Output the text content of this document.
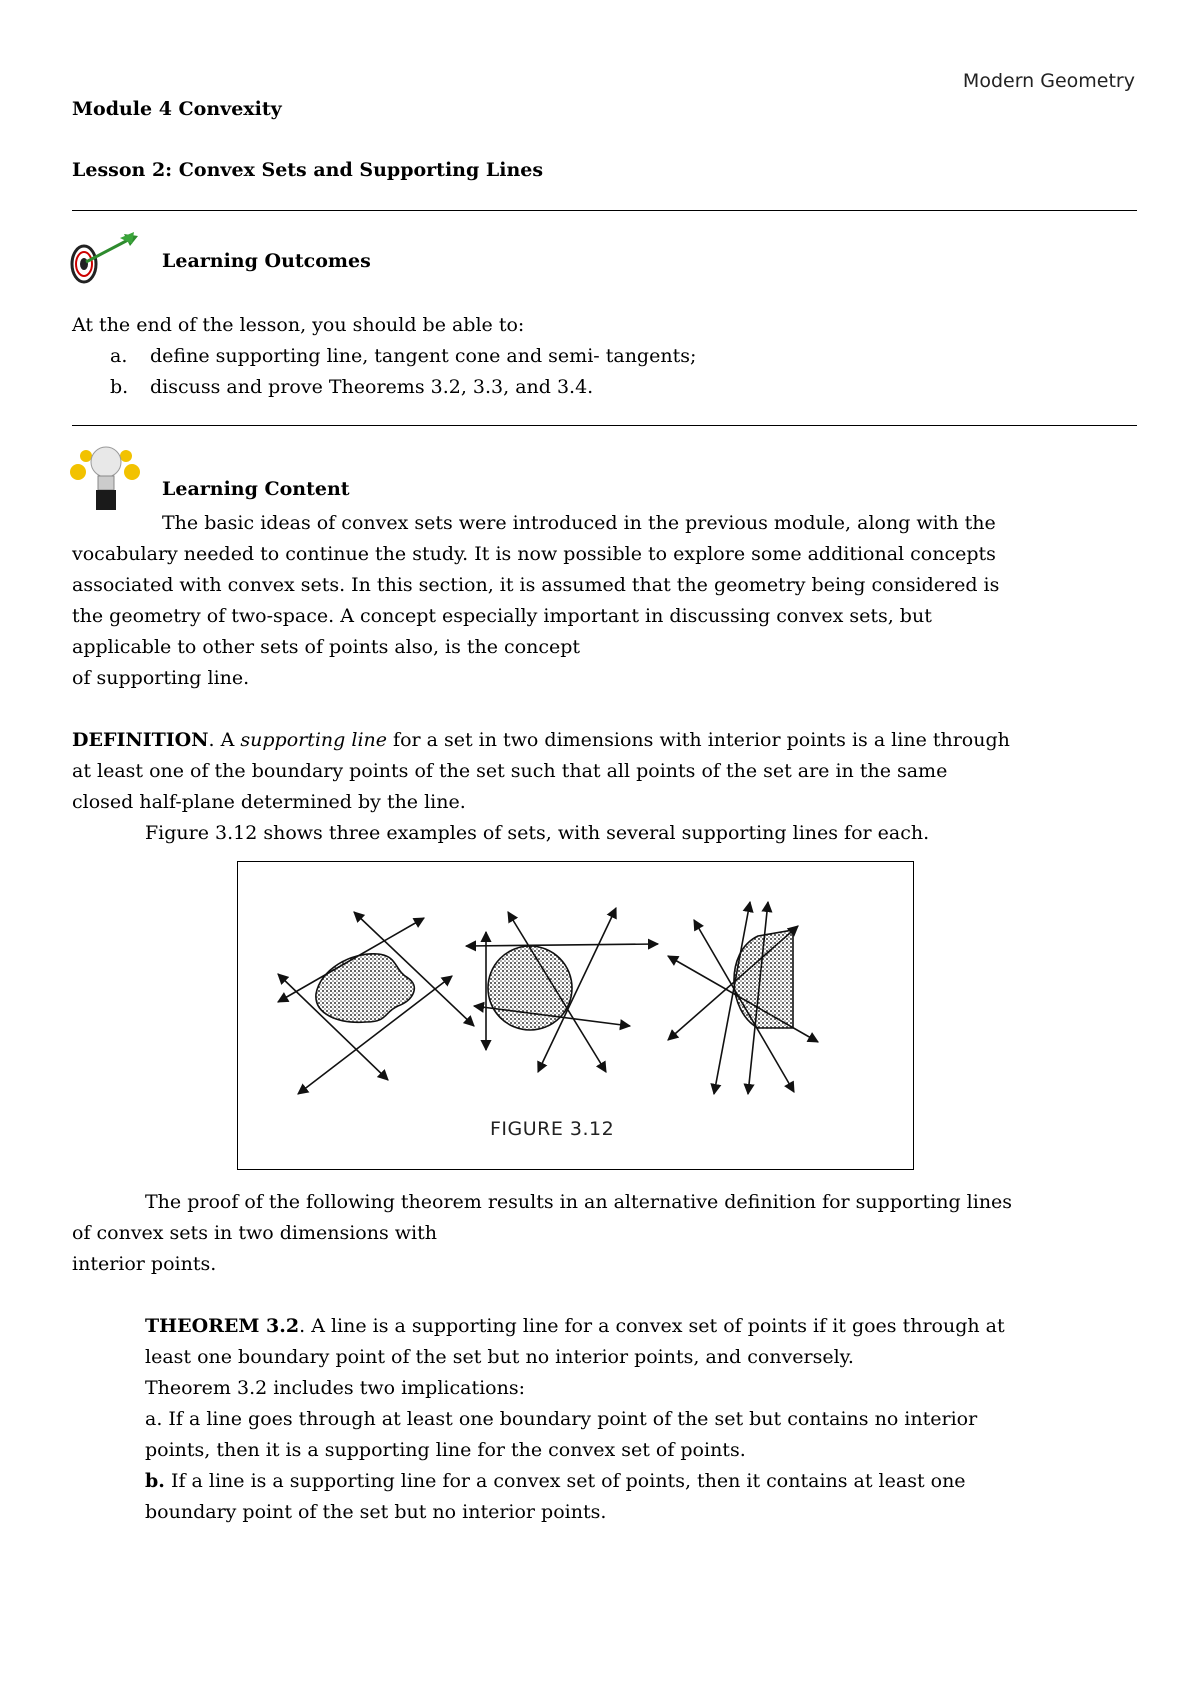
Modern Geometry
Module 4 Convexity
Lesson 2: Convex Sets and Supporting Lines
Learning Outcomes
At the end of the lesson, you should be able to:
a. define supporting line, tangent cone and semi- tangents;
b. discuss and prove Theorems 3.2, 3.3, and 3.4.
Learning Content
The basic ideas of convex sets were introduced in the previous module, along with the
vocabulary needed to continue the study. It is now possible to explore some additional concepts
associated with convex sets. In this section, it is assumed that the geometry being considered is
the geometry of two-space. A concept especially important in discussing convex sets, but
applicable to other sets of points also, is the concept
of supporting line.
DEFINITION. A supporting line for a set in two dimensions with interior points is a line through
at least one of the boundary points of the set such that all points of the set are in the same
closed half-plane determined by the line.
Figure 3.12 shows three examples of sets, with several supporting lines for each.
FIGURE 3.12
The proof of the following theorem results in an alternative definition for supporting lines
of convex sets in two dimensions with
interior points.
THEOREM 3.2. A line is a supporting line for a convex set of points if it goes through at
least one boundary point of the set but no interior points, and conversely.
Theorem 3.2 includes two implications:
a. If a line goes through at least one boundary point of the set but contains no interior
points, then it is a supporting line for the convex set of points.
b. If a line is a supporting line for a convex set of points, then it contains at least one
boundary point of the set but no interior points.
